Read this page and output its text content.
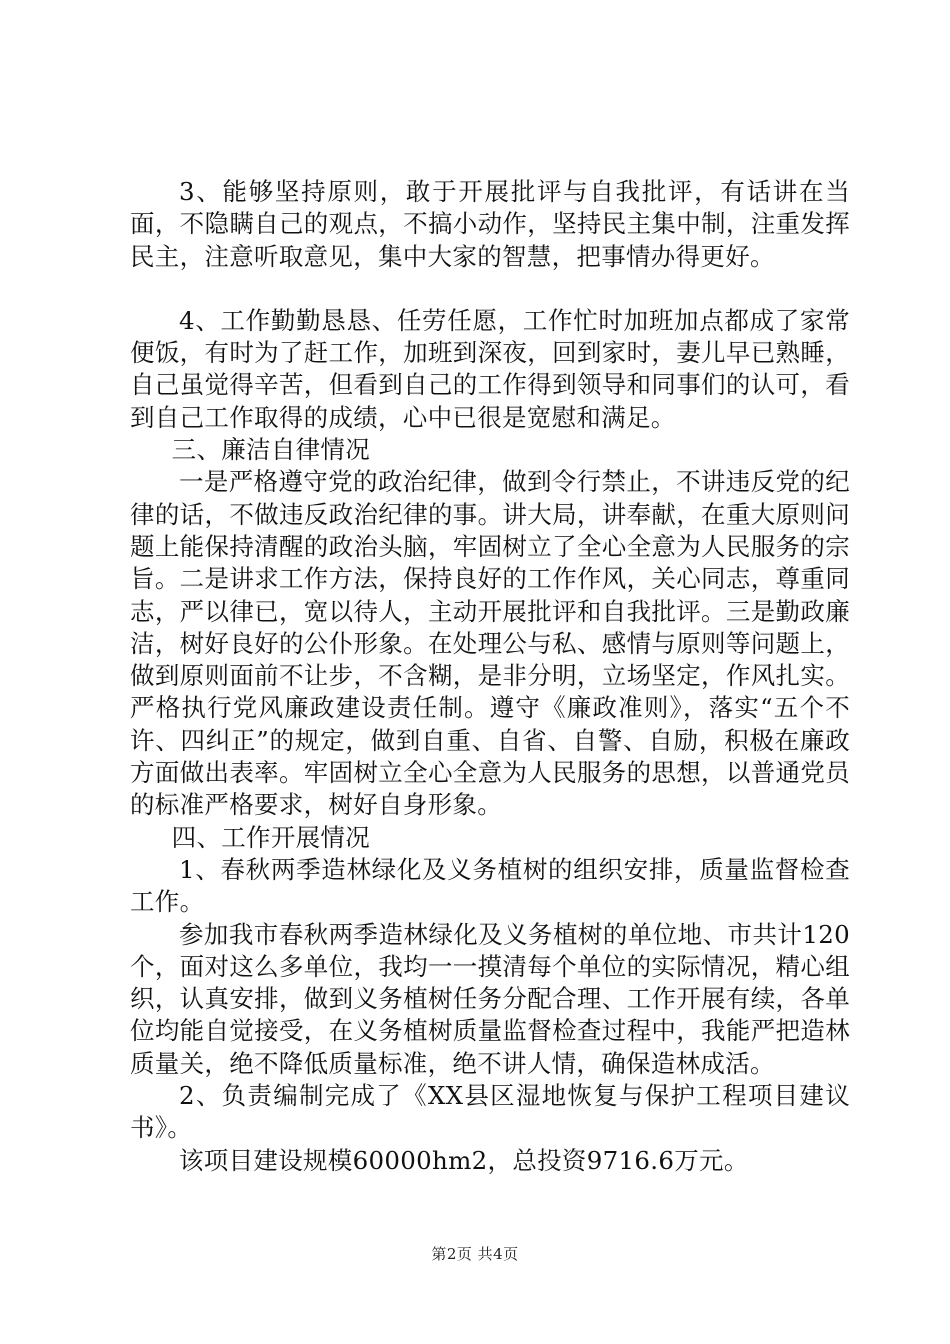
3、能够坚持原则，敢于开展批评与自我批评，有话讲在当面，不隐瞒自己的观点，不搞小动作，坚持民主集中制，注重发挥民主，注意听取意见，集中大家的智慧，把事情办得更好。

4、工作勤勤恳恳、任劳任愿，工作忙时加班加点都成了家常便饭，有时为了赶工作，加班到深夜，回到家时，妻儿早已熟睡，自己虽觉得辛苦，但看到自己的工作得到领导和同事们的认可，看到自己工作取得的成绩，心中已很是宽慰和满足。

三、廉洁自律情况

一是严格遵守党的政治纪律，做到令行禁止，不讲违反党的纪律的话，不做违反政治纪律的事。讲大局，讲奉献，在重大原则问题上能保持清醒的政治头脑，牢固树立了全心全意为人民服务的宗旨。二是讲求工作方法，保持良好的工作作风，关心同志，尊重同志，严以律已，宽以待人，主动开展批评和自我批评。三是勤政廉洁，树好良好的公仆形象。在处理公与私、感情与原则等问题上，做到原则面前不让步，不含糊，是非分明，立场坚定，作风扎实。严格执行党风廉政建设责任制。遵守《廉政准则》，落实“五个不许、四纠正”的规定，做到自重、自省、自警、自励，积极在廉政方面做出表率。牢固树立全心全意为人民服务的思想，以普通党员的标准严格要求，树好自身形象。

四、工作开展情况

1、春秋两季造林绿化及义务植树的组织安排，质量监督检查工作。

参加我市春秋两季造林绿化及义务植树的单位地、市共计120个，面对这么多单位，我均一一摸清每个单位的实际情况，精心组织，认真安排，做到义务植树任务分配合理、工作开展有续，各单位均能自觉接受，在义务植树质量监督检查过程中，我能严把造林质量关，绝不降低质量标准，绝不讲人情，确保造林成活。

2、负责编制完成了《XX县区湿地恢复与保护工程项目建议书》。

该项目建设规模60000hm2，总投资9716.6万元。

第2页 共4页
